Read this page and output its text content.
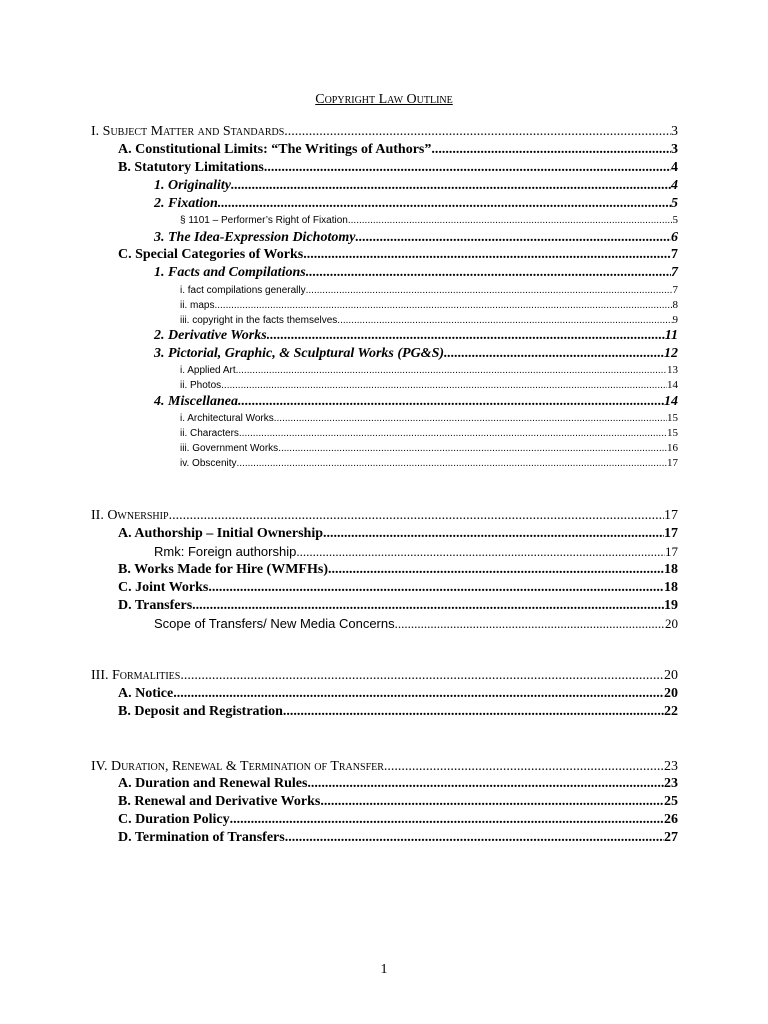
Copyright Law Outline
I. Subject Matter and Standards .....	3
A. Constitutional Limits: “The Writings of Authors” .....	3
B. Statutory Limitations .....	4
1. Originality .....	4
2. Fixation .....	5
§ 1101 – Performer’s Right of Fixation .....	5
3. The Idea-Expression Dichotomy .....	6
C. Special Categories of Works .....	7
1. Facts and Compilations .....	7
i. fact compilations generally .....	7
ii. maps .....	8
iii. copyright in the facts themselves .....	9
2. Derivative Works .....	11
3. Pictorial, Graphic, & Sculptural Works (PG&S) .....	12
i. Applied Art .....	13
ii. Photos .....	14
4. Miscellanea .....	14
i. Architectural Works .....	15
ii. Characters .....	15
iii. Government Works .....	16
iv. Obscenity .....	17
II. Ownership .....	17
A. Authorship – Initial Ownership .....	17
Rmk: Foreign authorship .....	17
B. Works Made for Hire (WMFHs) .....	18
C. Joint Works .....	18
D. Transfers .....	19
Scope of Transfers/ New Media Concerns .....	20
III. Formalities .....	20
A. Notice .....	20
B. Deposit and Registration .....	22
IV. Duration, Renewal & Termination of Transfer .....	23
A. Duration and Renewal Rules .....	23
B. Renewal and Derivative Works .....	25
C. Duration Policy .....	26
D. Termination of Transfers .....	27
1
